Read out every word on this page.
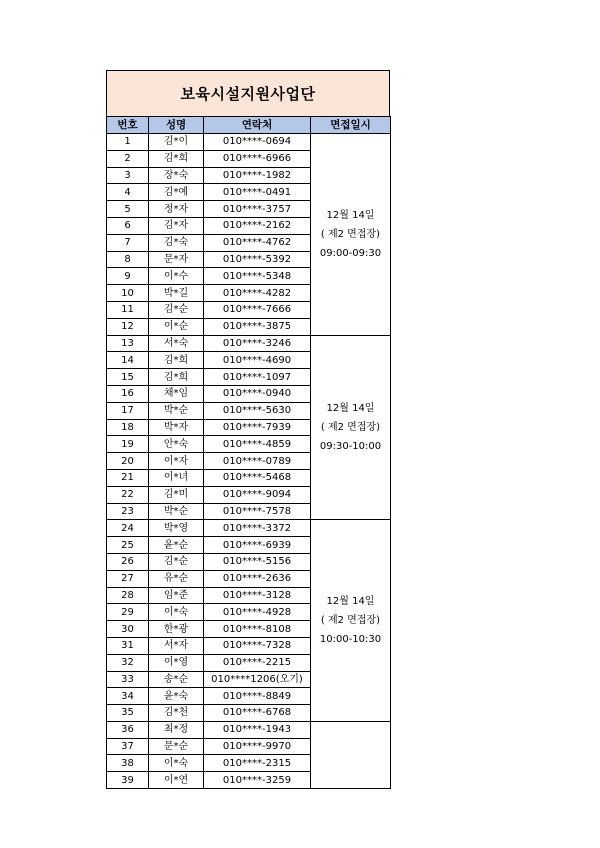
보육시설지원사업단
번호	성명	연락처	면접일시
1	김*이	010****-0694	12월 14일
( 제2 면접장)
09:00-09:30

2	김*희	010****-6966	
3	장*숙	010****-1982	
4	김*예	010****-0491	
5	정*자	010****-3757	
6	김*자	010****-2162	
7	김*숙	010****-4762	
8	문*자	010****-5392	
9	이*수	010****-5348	
10	박*길	010****-4282	
11	김*순	010****-7666	
12	이*순	010****-3875	
13	서*숙	010****-3246	12월 14일
( 제2 면접장)
09:30-10:00

14	김*희	010****-4690	
15	김*희	010****-1097	
16	채*임	010****-0940	
17	박*순	010****-5630	
18	박*자	010****-7939	
19	안*숙	010****-4859	
20	이*자	010****-0789	
21	이*녀	010****-5468	
22	김*미	010****-9094	
23	박*순	010****-7578	
24	박*영	010****-3372	12월 14일
( 제2 면접장)
10:00-10:30

25	윤*순	010****-6939	
26	김*순	010****-5156	
27	유*순	010****-2636	
28	임*준	010****-3128	
29	이*숙	010****-4928	
30	한*광	010****-8108	
31	서*자	010****-7328	
32	이*영	010****-2215	
33	송*순	010****1206(오기)	
34	윤*숙	010****-8849	
35	김*천	010****-6768	
36	최*정	010****-1943	
37	문*순	010****-9970	
38	이*숙	010****-2315	
39	이*연	010****-3259	
